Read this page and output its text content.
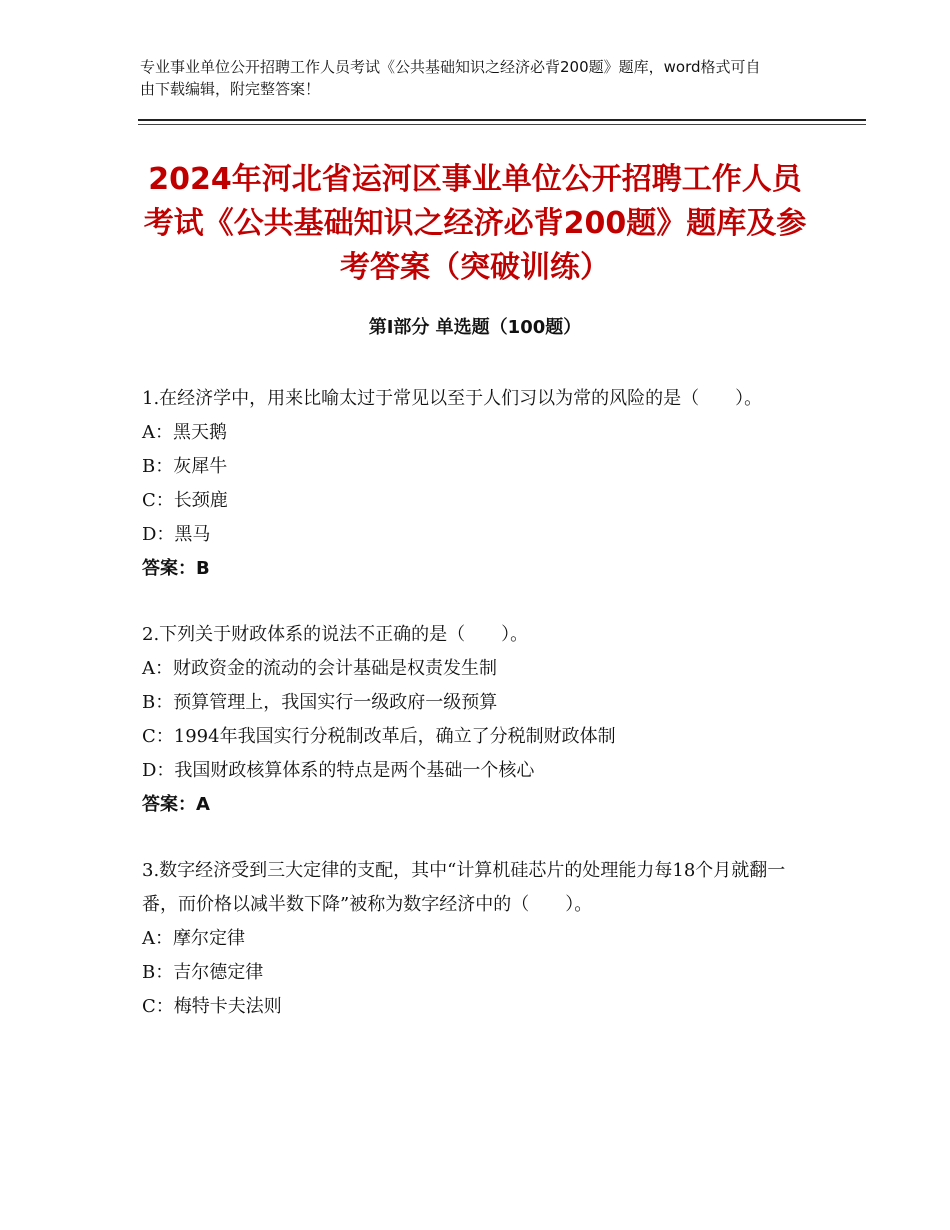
专业事业单位公开招聘工作人员考试《公共基础知识之经济必背200题》题库，word格式可自由下载编辑，附完整答案！
2024年河北省运河区事业单位公开招聘工作人员考试《公共基础知识之经济必背200题》题库及参考答案（突破训练）
第Ⅰ部分 单选题（100题）

1.在经济学中，用来比喻太过于常见以至于人们习以为常的风险的是（　　）。

A：黑天鹅

B：灰犀牛

C：长颈鹿

D：黑马

答案：B

2.下列关于财政体系的说法不正确的是（　　）。

A：财政资金的流动的会计基础是权责发生制

B：预算管理上，我国实行一级政府一级预算

C：1994年我国实行分税制改革后，确立了分税制财政体制

D：我国财政核算体系的特点是两个基础一个核心

答案：A

3.数字经济受到三大定律的支配，其中“计算机硅芯片的处理能力每18个月就翻一番，而价格以减半数下降”被称为数字经济中的（　　）。

A：摩尔定律

B：吉尔德定律

C：梅特卡夫法则
